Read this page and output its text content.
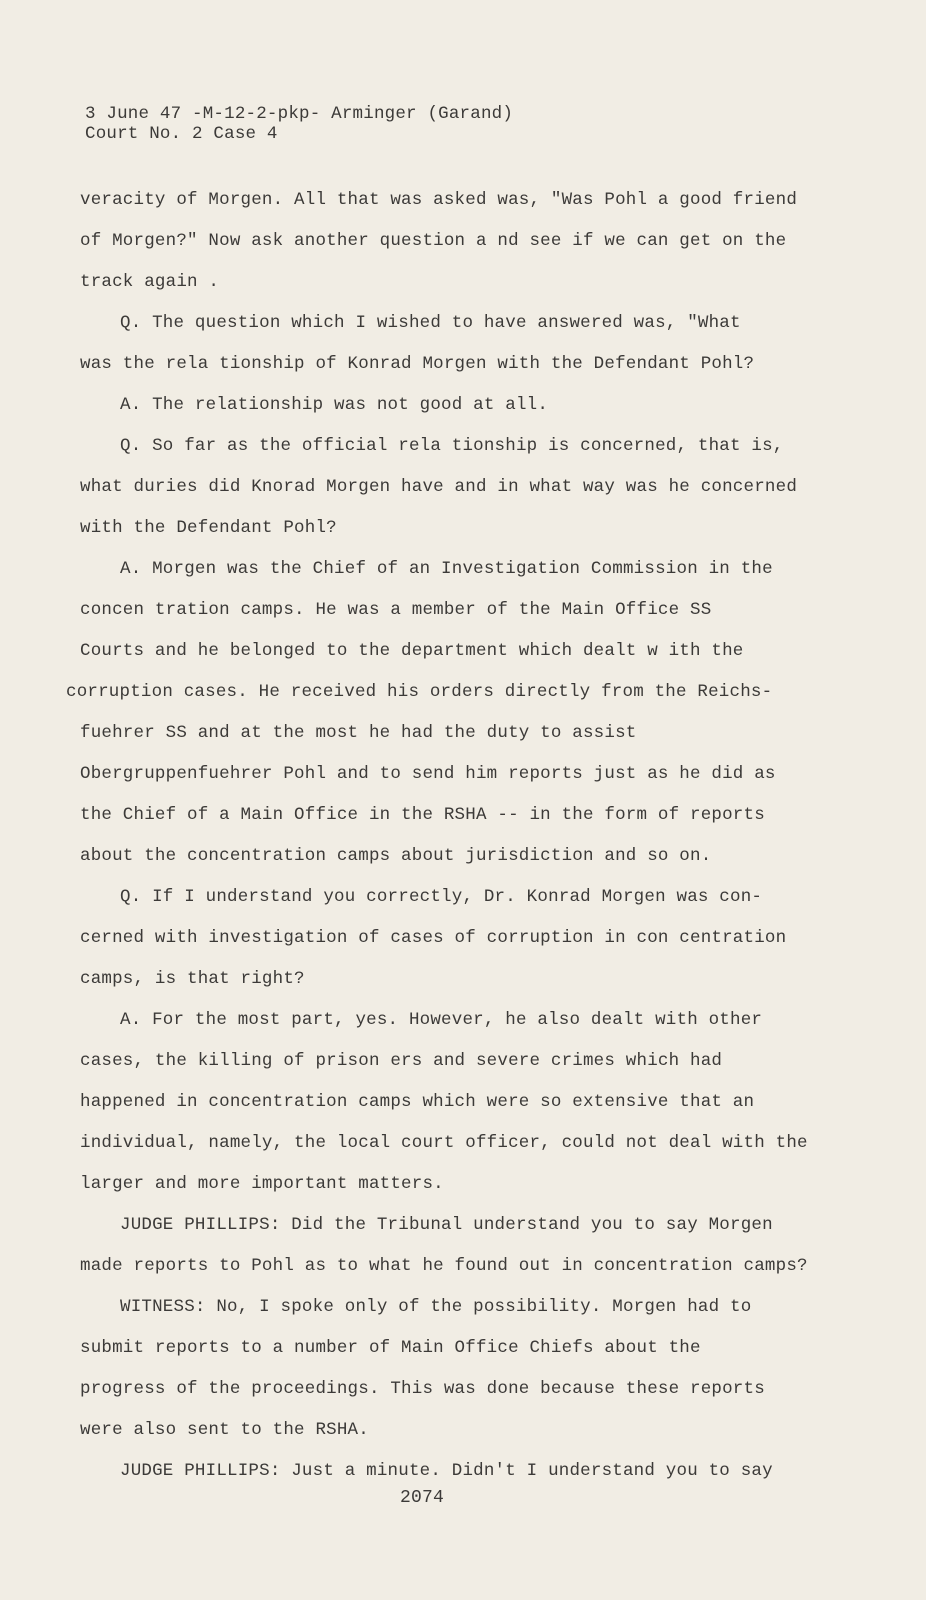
3 June 47 -M-12-2-pkp- Arminger (Garand)
Court No. 2 Case 4
veracity of Morgen. All that was asked was, "Was Pohl a good friend
of Morgen?" Now ask another question a nd see if we can get on the
track again .
Q. The question which I wished to have answered was, "What
was the rela tionship of Konrad Morgen with the Defendant Pohl?
A. The relationship was not good at all.
Q. So far as the official rela tionship is concerned, that is,
what duries did Knorad Morgen have and in what way was he concerned
with the Defendant Pohl?
A. Morgen was the Chief of an Investigation Commission in the
concen tration camps. He was a member of the Main Office SS
Courts and he belonged to the department which dealt w ith the
corruption cases. He received his orders directly from the Reichs-
fuehrer SS and at the most he had the duty to assist
Obergruppenfuehrer Pohl and to send him reports just as he did as
the Chief of a Main Office in the RSHA -- in the form of reports
about the concentration camps about jurisdiction and so on.
Q. If I understand you correctly, Dr. Konrad Morgen was con-
cerned with investigation of cases of corruption in con centration
camps, is that right?
A. For the most part, yes. However, he also dealt with other
cases, the killing of prison ers and severe crimes which had
happened in concentration camps which were so extensive that an
individual, namely, the local court officer, could not deal with the
larger and more important matters.
JUDGE PHILLIPS: Did the Tribunal understand you to say Morgen
made reports to Pohl as to what he found out in concentration camps?
WITNESS: No, I spoke only of the possibility. Morgen had to
submit reports to a number of Main Office Chiefs about the
progress of the proceedings. This was done because these reports
were also sent to the RSHA.
JUDGE PHILLIPS: Just a minute. Didn't I understand you to say
2074
